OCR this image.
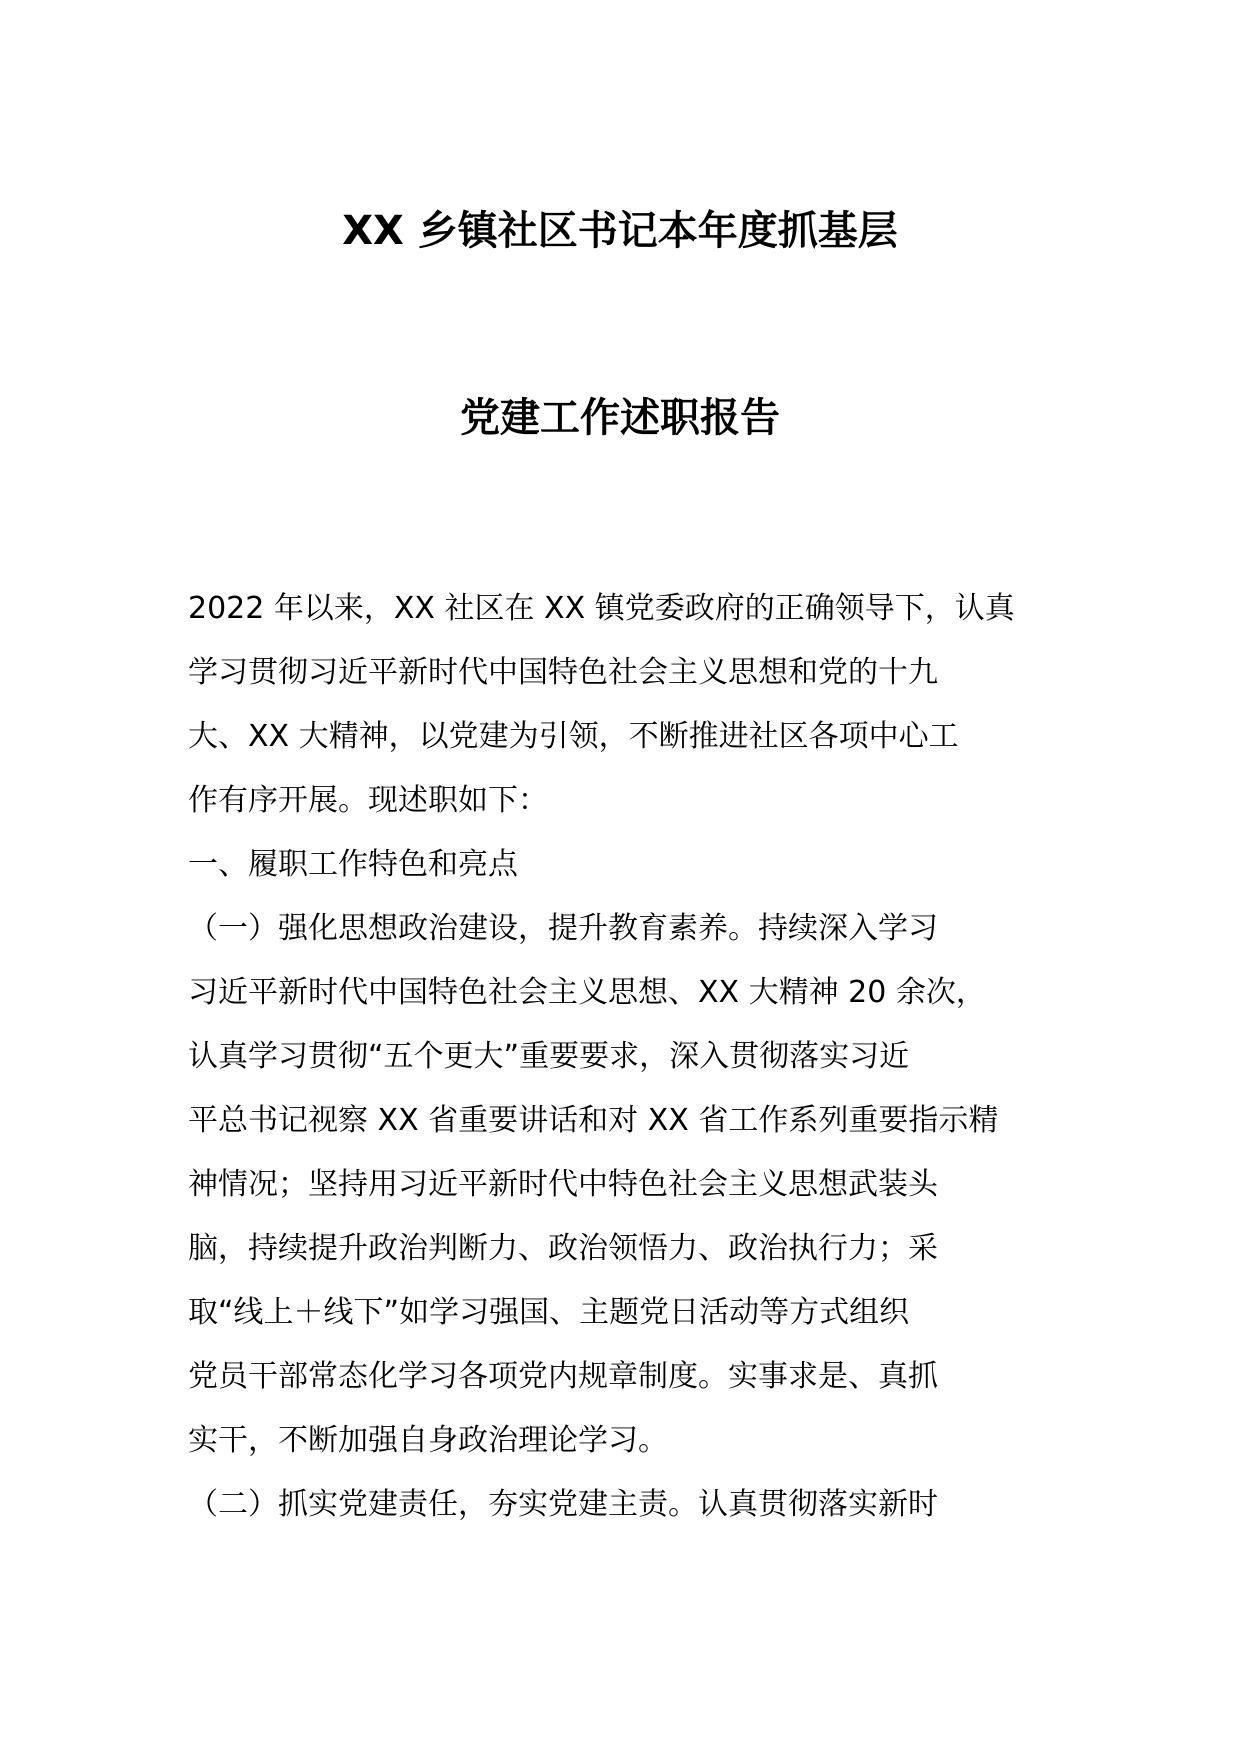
XX 乡镇社区书记本年度抓基层
党建工作述职报告

2022 年以来，XX 社区在 XX 镇党委政府的正确领导下，认真

学习贯彻习近平新时代中国特色社会主义思想和党的十九

大、XX 大精神，以党建为引领，不断推进社区各项中心工

作有序开展。现述职如下：

一、履职工作特色和亮点

（一）强化思想政治建设，提升教育素养。持续深入学习

习近平新时代中国特色社会主义思想、XX 大精神 20 余次，

认真学习贯彻“五个更大”重要要求，深入贯彻落实习近

平总书记视察 XX 省重要讲话和对 XX 省工作系列重要指示精

神情况；坚持用习近平新时代中特色社会主义思想武装头

脑，持续提升政治判断力、政治领悟力、政治执行力；采

取“线上＋线下”如学习强国、主题党日活动等方式组织

党员干部常态化学习各项党内规章制度。实事求是、真抓

实干，不断加强自身政治理论学习。

（二）抓实党建责任，夯实党建主责。认真贯彻落实新时
